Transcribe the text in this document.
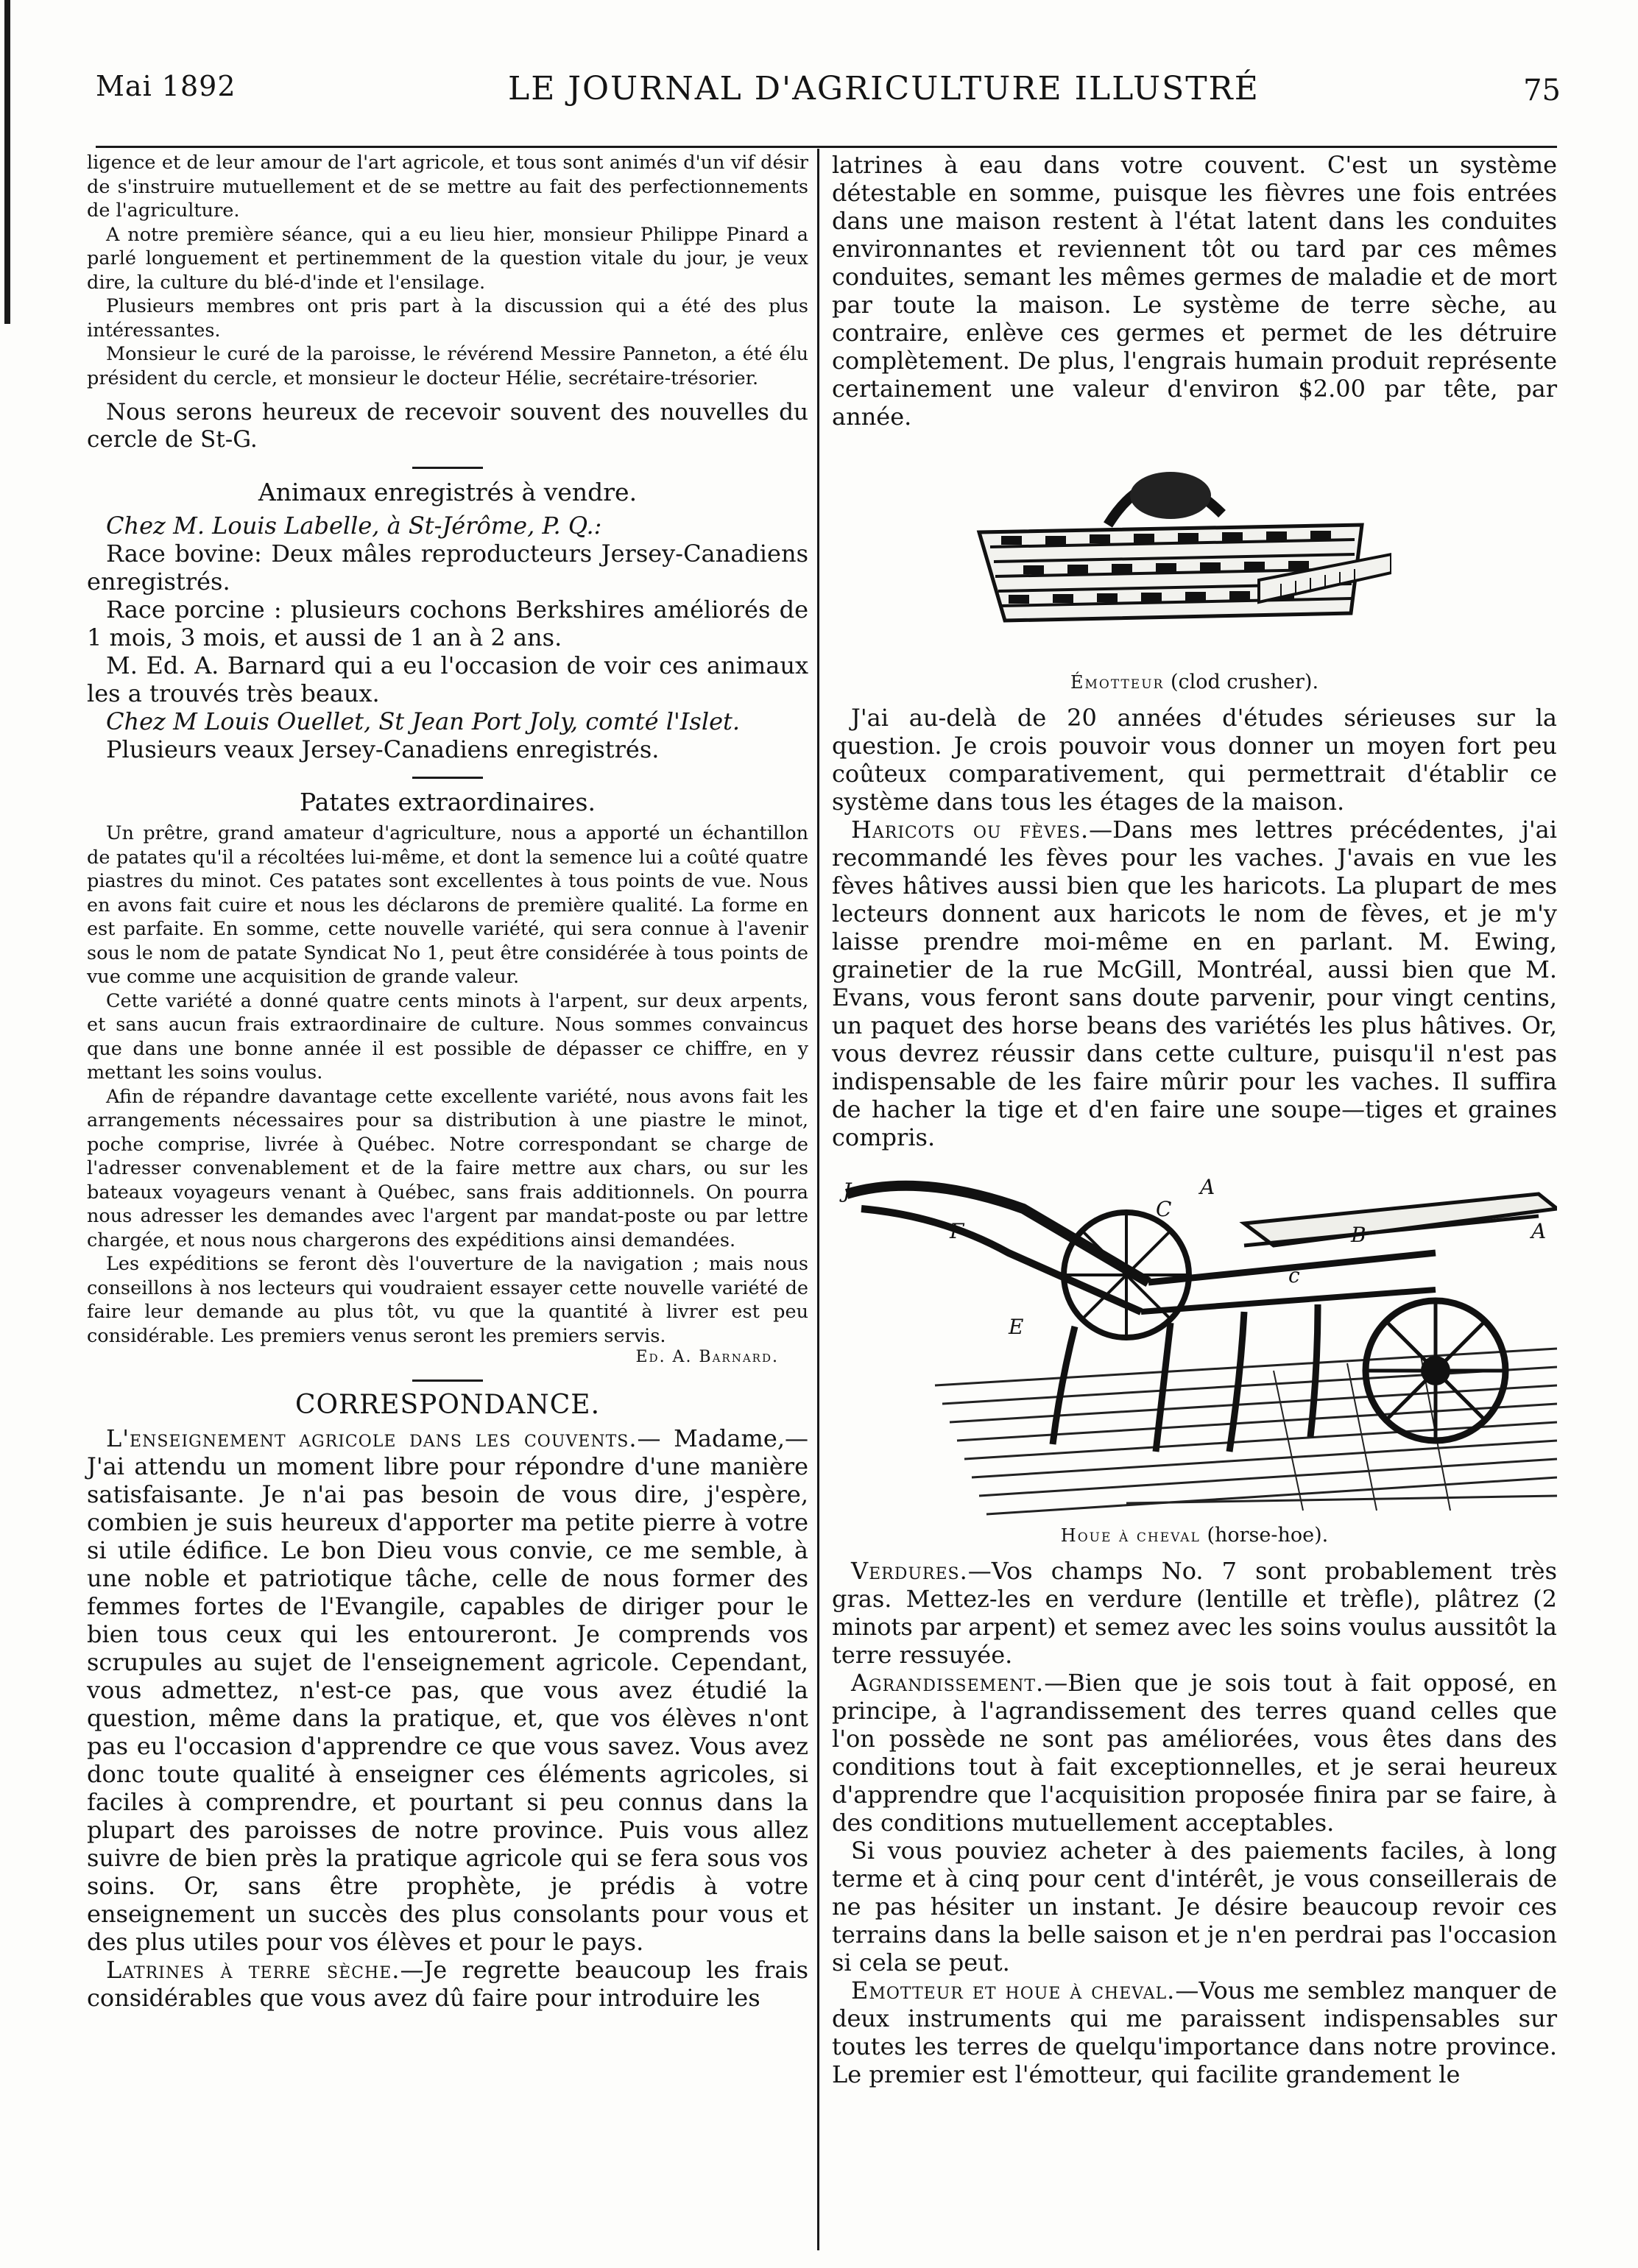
Mai 1892	LE JOURNAL D'AGRICULTURE ILLUSTRÉ	75

ligence et de leur amour de l'art agricole, et tous sont animés d'un vif désir de s'instruire mutuellement et de se mettre au fait des perfectionnements de l'agriculture.

A notre première séance, qui a eu lieu hier, monsieur Philippe Pinard a parlé longuement et pertinemment de la question vitale du jour, je veux dire, la culture du blé-d'inde et l'ensilage.

Plusieurs membres ont pris part à la discussion qui a été des plus intéressantes.

Monsieur le curé de la paroisse, le révérend Messire Panneton, a été élu président du cercle, et monsieur le docteur Hélie, secrétaire-trésorier.

Nous serons heureux de recevoir souvent des nouvelles du cercle de St-G.

Animaux enregistrés à vendre.

Chez M. Louis Labelle, à St-Jérôme, P. Q.:

Race bovine: Deux mâles reproducteurs Jersey-Canadiens enregistrés.

Race porcine : plusieurs cochons Berkshires améliorés de 1 mois, 3 mois, et aussi de 1 an à 2 ans.

M. Ed. A. Barnard qui a eu l'occasion de voir ces animaux les a trouvés très beaux.

Chez M Louis Ouellet, St Jean Port Joly, comté l'Islet.

Plusieurs veaux Jersey-Canadiens enregistrés.

Patates extraordinaires.

Un prêtre, grand amateur d'agriculture, nous a apporté un échantillon de patates qu'il a récoltées lui-même, et dont la semence lui a coûté quatre piastres du minot. Ces patates sont excellentes à tous points de vue. Nous en avons fait cuire et nous les déclarons de première qualité. La forme en est parfaite. En somme, cette nouvelle variété, qui sera connue à l'avenir sous le nom de patate Syndicat No 1, peut être considérée à tous points de vue comme une acquisition de grande valeur.

Cette variété a donné quatre cents minots à l'arpent, sur deux arpents, et sans aucun frais extraordinaire de culture. Nous sommes convaincus que dans une bonne année il est possible de dépasser ce chiffre, en y mettant les soins voulus.

Afin de répandre davantage cette excellente variété, nous avons fait les arrangements nécessaires pour sa distribution à une piastre le minot, poche comprise, livrée à Québec. Notre correspondant se charge de l'adresser convenablement et de la faire mettre aux chars, ou sur les bateaux voyageurs venant à Québec, sans frais additionnels. On pourra nous adresser les demandes avec l'argent par mandat-poste ou par lettre chargée, et nous nous chargerons des expéditions ainsi demandées.

Les expéditions se feront dès l'ouverture de la navigation ; mais nous conseillons à nos lecteurs qui voudraient essayer cette nouvelle variété de faire leur demande au plus tôt, vu que la quantité à livrer est peu considérable. Les premiers venus seront les premiers servis.

Ed. A. Barnard.
CORRESPONDANCE.

L'enseignement agricole dans les couvents.— Madame,—J'ai attendu un moment libre pour répondre d'une manière satisfaisante. Je n'ai pas besoin de vous dire, j'espère, combien je suis heureux d'apporter ma petite pierre à votre si utile édifice. Le bon Dieu vous convie, ce me semble, à une noble et patriotique tâche, celle de nous former des femmes fortes de l'Evangile, capables de diriger pour le bien tous ceux qui les entoureront. Je comprends vos scrupules au sujet de l'enseignement agricole. Cependant, vous admettez, n'est-ce pas, que vous avez étudié la question, même dans la pratique, et, que vos élèves n'ont pas eu l'occasion d'apprendre ce que vous savez. Vous avez donc toute qualité à enseigner ces éléments agricoles, si faciles à comprendre, et pourtant si peu connus dans la plupart des paroisses de notre province. Puis vous allez suivre de bien près la pratique agricole qui se fera sous vos soins. Or, sans être prophète, je prédis à votre enseignement un succès des plus consolants pour vous et des plus utiles pour vos élèves et pour le pays.

Latrines à terre sèche.—Je regrette beaucoup les frais considérables que vous avez dû faire pour introduire les

latrines à eau dans votre couvent. C'est un système détestable en somme, puisque les fièvres une fois entrées dans une maison restent à l'état latent dans les conduites environnantes et reviennent tôt ou tard par ces mêmes conduites, semant les mêmes germes de maladie et de mort par toute la maison. Le système de terre sèche, au contraire, enlève ces germes et permet de les détruire complètement. De plus, l'engrais humain produit représente certainement une valeur d'environ $2.00 par tête, par année.

Émotteur (clod crusher).

J'ai au-delà de 20 années d'études sérieuses sur la question. Je crois pouvoir vous donner un moyen fort peu coûteux comparativement, qui permettrait d'établir ce système dans tous les étages de la maison.

Haricots ou fèves.—Dans mes lettres précédentes, j'ai recommandé les fèves pour les vaches. J'avais en vue les fèves hâtives aussi bien que les haricots. La plupart de mes lecteurs donnent aux haricots le nom de fèves, et je m'y laisse prendre moi-même en en parlant. M. Ewing, grainetier de la rue McGill, Montréal, aussi bien que M. Evans, vous feront sans doute parvenir, pour vingt centins, un paquet des horse beans des variétés les plus hâtives. Or, vous devrez réussir dans cette culture, puisqu'il n'est pas indispensable de les faire mûrir pour les vaches. Il suffira de hacher la tige et d'en faire une soupe—tiges et graines compris.

J	A
C
F	B	A
c
E
Houe à cheval (horse-hoe).

Verdures.—Vos champs No. 7 sont probablement très gras. Mettez-les en verdure (lentille et trèfle), plâtrez (2 minots par arpent) et semez avec les soins voulus aussitôt la terre ressuyée.

Agrandissement.—Bien que je sois tout à fait opposé, en principe, à l'agrandissement des terres quand celles que l'on possède ne sont pas améliorées, vous êtes dans des conditions tout à fait exceptionnelles, et je serai heureux d'apprendre que l'acquisition proposée finira par se faire, à des conditions mutuellement acceptables.

Si vous pouviez acheter à des paiements faciles, à long terme et à cinq pour cent d'intérêt, je vous conseillerais de ne pas hésiter un instant. Je désire beaucoup revoir ces terrains dans la belle saison et je n'en perdrai pas l'occasion si cela se peut.

Emotteur et houe à cheval.—Vous me semblez manquer de deux instruments qui me paraissent indispensables sur toutes les terres de quelqu'importance dans notre province. Le premier est l'émotteur, qui facilite grandement le
